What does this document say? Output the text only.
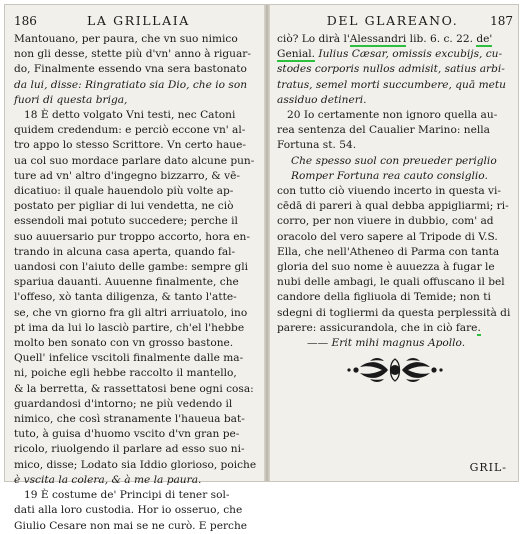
186	LA GRILLAIA
Mantouano, per paura, che vn suo nimico
non gli desse, stette più d'vn' anno à riguar-
do, Finalmente essendo vna sera bastonato
da lui, disse: Ringratiato sia Dio, che io son
fuori di questa briga,
18 È detto volgato Vni testi, nec Catoni
quidem credendum: e perciò eccone vn' al-
tro appo lo stesso Scrittore. Vn certo haue-
ua col suo mordace parlare dato alcune pun-
ture ad vn' altro d'ingegno bizzarro, & vē-
dicatiuo: il quale hauendolo più volte ap-
postato per pigliar di lui vendetta, ne ciò
essendoli mai potuto succedere; perche il
suo auuersario pur troppo accorto, hora en-
trando in alcuna casa aperta, quando fal-
uandosi con l'aiuto delle gambe: sempre gli
spariua dauanti. Auuenne finalmente, che
l'offeso, xò tanta diligenza, & tanto l'atte-
se, che vn giorno fra gli altri arriuatolo, ino
pt ima da lui lo lasciò partire, ch'el l'hebbe
molto ben sonato con vn grosso bastone.
Quell' infelice vscitoli finalmente dalle ma-
ni, poiche egli hebbe raccolto il mantello,
& la berretta, & rassettatosi bene ogni cosa:
guardandosi d'intorno; ne più vedendo il
nimico, che così stranamente l'haueua bat-
tuto, à guisa d'huomo vscito d'vn gran pe-
ricolo, riuolgendo il parlare ad esso suo ni-
mico, disse; Lodato sia Iddio glorioso, poiche
è vscita la colera, & à me la paura.
19 È costume de' Principi di tener sol-
dati alla loro custodia. Hor io osseruo, che
Giulio Cesare non mai se ne curò. E perche
DEL GLAREANO.	187
ciò? Lo dirà l'Alessandri lib. 6. c. 22. de'
Genial. Iulius Cæsar, omissis excubijs, cu-
stodes corporis nullos admisit, satius arbi-
tratus, semel morti succumbere, quā metu
assiduo detineri.
20 Io certamente non ignoro quella au-
rea sentenza del Caualier Marino: nella
Fortuna st. 54.
Che spesso suol con preueder periglio
Romper Fortuna rea cauto consiglio.
con tutto ciò viuendo incerto in questa vi-
cēdā di pareri à qual debba appigliarmi; ri-
corro, per non viuere in dubbio, com' ad
oracolo del vero sapere al Tripode di V.S.
Ella, che nell'Atheneo di Parma con tanta
gloria del suo nome è auuezza à fugar le
nubi delle ambagi, le quali offuscano il bel
candore della figliuola di Temide; non ti
sdegni di togliermi da questa perplessità di
parere: assicurandola, che in ciò fare.
—— Erit mihi magnus Apollo.
GRIL-
